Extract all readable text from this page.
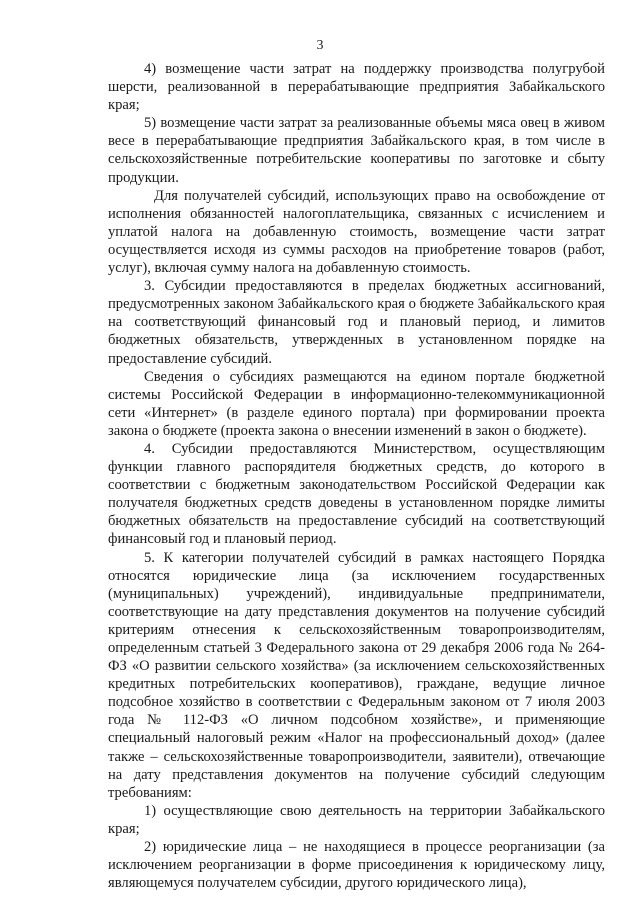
3

4) возмещение части затрат на поддержку производства полугрубой шерсти, реализованной в перерабатывающие предприятия Забайкальского края;

5) возмещение части затрат за реализованные объемы мяса овец в живом весе в перерабатывающие предприятия Забайкальского края, в том числе в сельскохозяйственные потребительские кооперативы по заготовке и сбыту продукции.

Для получателей субсидий, использующих право на освобождение от исполнения обязанностей налогоплательщика, связанных с исчислением и уплатой налога на добавленную стоимость, возмещение части затрат осуществляется исходя из суммы расходов на приобретение товаров (работ, услуг), включая сумму налога на добавленную стоимость.

3. Субсидии предоставляются в пределах бюджетных ассигнований, предусмотренных законом Забайкальского края о бюджете Забайкальского края на соответствующий финансовый год и плановый период, и лимитов бюджетных обязательств, утвержденных в установленном порядке на предоставление субсидий.

Сведения о субсидиях размещаются на едином портале бюджетной системы Российской Федерации в информационно-телекоммуникационной сети «Интернет» (в разделе единого портала) при формировании проекта закона о бюджете (проекта закона о внесении изменений в закон о бюджете).

4. Субсидии предоставляются Министерством, осуществляющим функции главного распорядителя бюджетных средств, до которого в соответствии с бюджетным законодательством Российской Федерации как получателя бюджетных средств доведены в установленном порядке лимиты бюджетных обязательств на предоставление субсидий на соответствующий финансовый год и плановый период.

5. К категории получателей субсидий в рамках настоящего Порядка относятся юридические лица (за исключением государственных (муниципальных) учреждений), индивидуальные предприниматели, соответствующие на дату представления документов на получение субсидий критериям отнесения к сельскохозяйственным товаропроизводителям, определенным статьей 3 Федерального закона от 29 декабря 2006 года № 264-ФЗ «О развитии сельского хозяйства» (за исключением сельскохозяйственных кредитных потребительских кооперативов), граждане, ведущие личное подсобное хозяйство в соответствии с Федеральным законом от 7 июля 2003 года № 112-ФЗ «О личном подсобном хозяйстве», и применяющие специальный налоговый режим «Налог на профессиональный доход» (далее также – сельскохозяйственные товаропроизводители, заявители), отвечающие на дату представления документов на получение субсидий следующим требованиям:

1) осуществляющие свою деятельность на территории Забайкальского края;

2) юридические лица – не находящиеся в процессе реорганизации (за исключением реорганизации в форме присоединения к юридическому лицу, являющемуся получателем субсидии, другого юридического лица),
